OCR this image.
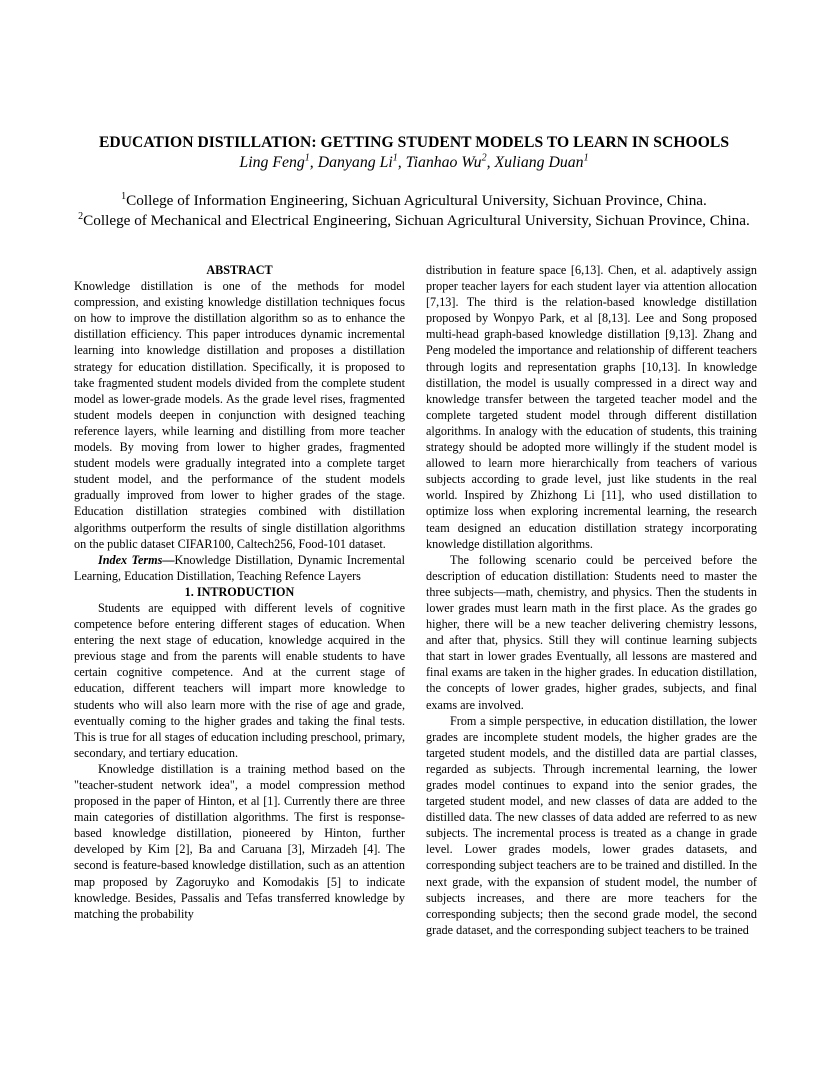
EDUCATION DISTILLATION: GETTING STUDENT MODELS TO LEARN IN SCHOOLS
Ling Feng$^1$, Danyang Li$^1$, Tianhao Wu$^2$, Xuliang Duan$^1$
$^1$College of Information Engineering, Sichuan Agricultural University, Sichuan Province, China.
$^2$College of Mechanical and Electrical Engineering, Sichuan Agricultural University, Sichuan Province, China.

ABSTRACT

Knowledge distillation is one of the methods for model compression, and existing knowledge distillation techniques focus on how to improve the distillation algorithm so as to enhance the distillation efficiency. This paper introduces dynamic incremental learning into knowledge distillation and proposes a distillation strategy for education distillation. Specifically, it is proposed to take fragmented student models divided from the complete student model as lower-grade models. As the grade level rises, fragmented student models deepen in conjunction with designed teaching reference layers, while learning and distilling from more teacher models. By moving from lower to higher grades, fragmented student models were gradually integrated into a complete target student model, and the performance of the student models gradually improved from lower to higher grades of the stage. Education distillation strategies combined with distillation algorithms outperform the results of single distillation algorithms on the public dataset CIFAR100, Caltech256, Food-101 dataset.

Index Terms—Knowledge Distillation, Dynamic Incremental Learning, Education Distillation, Teaching Refence Layers

1. INTRODUCTION

Students are equipped with different levels of cognitive competence before entering different stages of education. When entering the next stage of education, knowledge acquired in the previous stage and from the parents will enable students to have certain cognitive competence. And at the current stage of education, different teachers will impart more knowledge to students who will also learn more with the rise of age and grade, eventually coming to the higher grades and taking the final tests. This is true for all stages of education including preschool, primary, secondary, and tertiary education.

Knowledge distillation is a training method based on the "teacher-student network idea", a model compression method proposed in the paper of Hinton, et al [1]. Currently there are three main categories of distillation algorithms. The first is response-based knowledge distillation, pioneered by Hinton, further developed by Kim [2], Ba and Caruana [3], Mirzadeh [4]. The second is feature-based knowledge distillation, such as an attention map proposed by Zagoruyko and Komodakis [5] to indicate knowledge. Besides, Passalis and Tefas transferred knowledge by matching the probability

distribution in feature space [6,13]. Chen, et al. adaptively assign proper teacher layers for each student layer via attention allocation [7,13]. The third is the relation-based knowledge distillation proposed by Wonpyo Park, et al [8,13]. Lee and Song proposed multi-head graph-based knowledge distillation [9,13]. Zhang and Peng modeled the importance and relationship of different teachers through logits and representation graphs [10,13]. In knowledge distillation, the model is usually compressed in a direct way and knowledge transfer between the targeted teacher model and the complete targeted student model through different distillation algorithms. In analogy with the education of students, this training strategy should be adopted more willingly if the student model is allowed to learn more hierarchically from teachers of various subjects according to grade level, just like students in the real world. Inspired by Zhizhong Li [11], who used distillation to optimize loss when exploring incremental learning, the research team designed an education distillation strategy incorporating knowledge distillation algorithms.

The following scenario could be perceived before the description of education distillation: Students need to master the three subjects—math, chemistry, and physics. Then the students in lower grades must learn math in the first place. As the grades go higher, there will be a new teacher delivering chemistry lessons, and after that, physics. Still they will continue learning subjects that start in lower grades Eventually, all lessons are mastered and final exams are taken in the higher grades. In education distillation, the concepts of lower grades, higher grades, subjects, and final exams are involved.

From a simple perspective, in education distillation, the lower grades are incomplete student models, the higher grades are the targeted student models, and the distilled data are partial classes, regarded as subjects. Through incremental learning, the lower grades model continues to expand into the senior grades, the targeted student model, and new classes of data are added to the distilled data. The new classes of data added are referred to as new subjects. The incremental process is treated as a change in grade level. Lower grades models, lower grades datasets, and corresponding subject teachers are to be trained and distilled. In the next grade, with the expansion of student model, the number of subjects increases, and there are more teachers for the corresponding subjects; then the second grade model, the second grade dataset, and the corresponding subject teachers to be trained
